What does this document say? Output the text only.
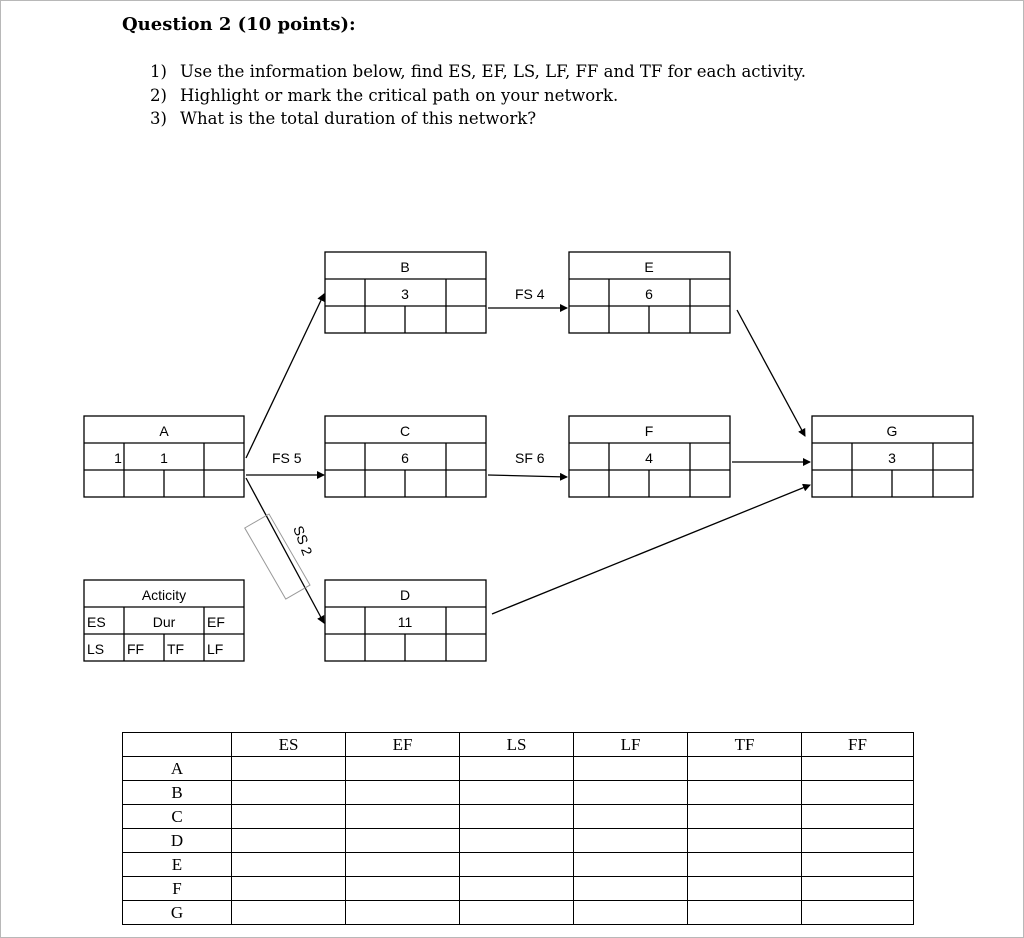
Question 2 (10 points):
1) Use the information below, find ES, EF, LS, LF, FF and TF for each activity.
2) Highlight or mark the critical path on your network.
3) What is the total duration of this network?
A
1	1
B
3
C
6
D
11
E
6
F
4
G
3
Acticity
Dur
ES	EF
LS FF TF LF
FS 5
FS 4
SF 6
SS 2
	ES	EF	LS	LF	TF	FF
A						
B						
C						
D						
E						
F						
G						
